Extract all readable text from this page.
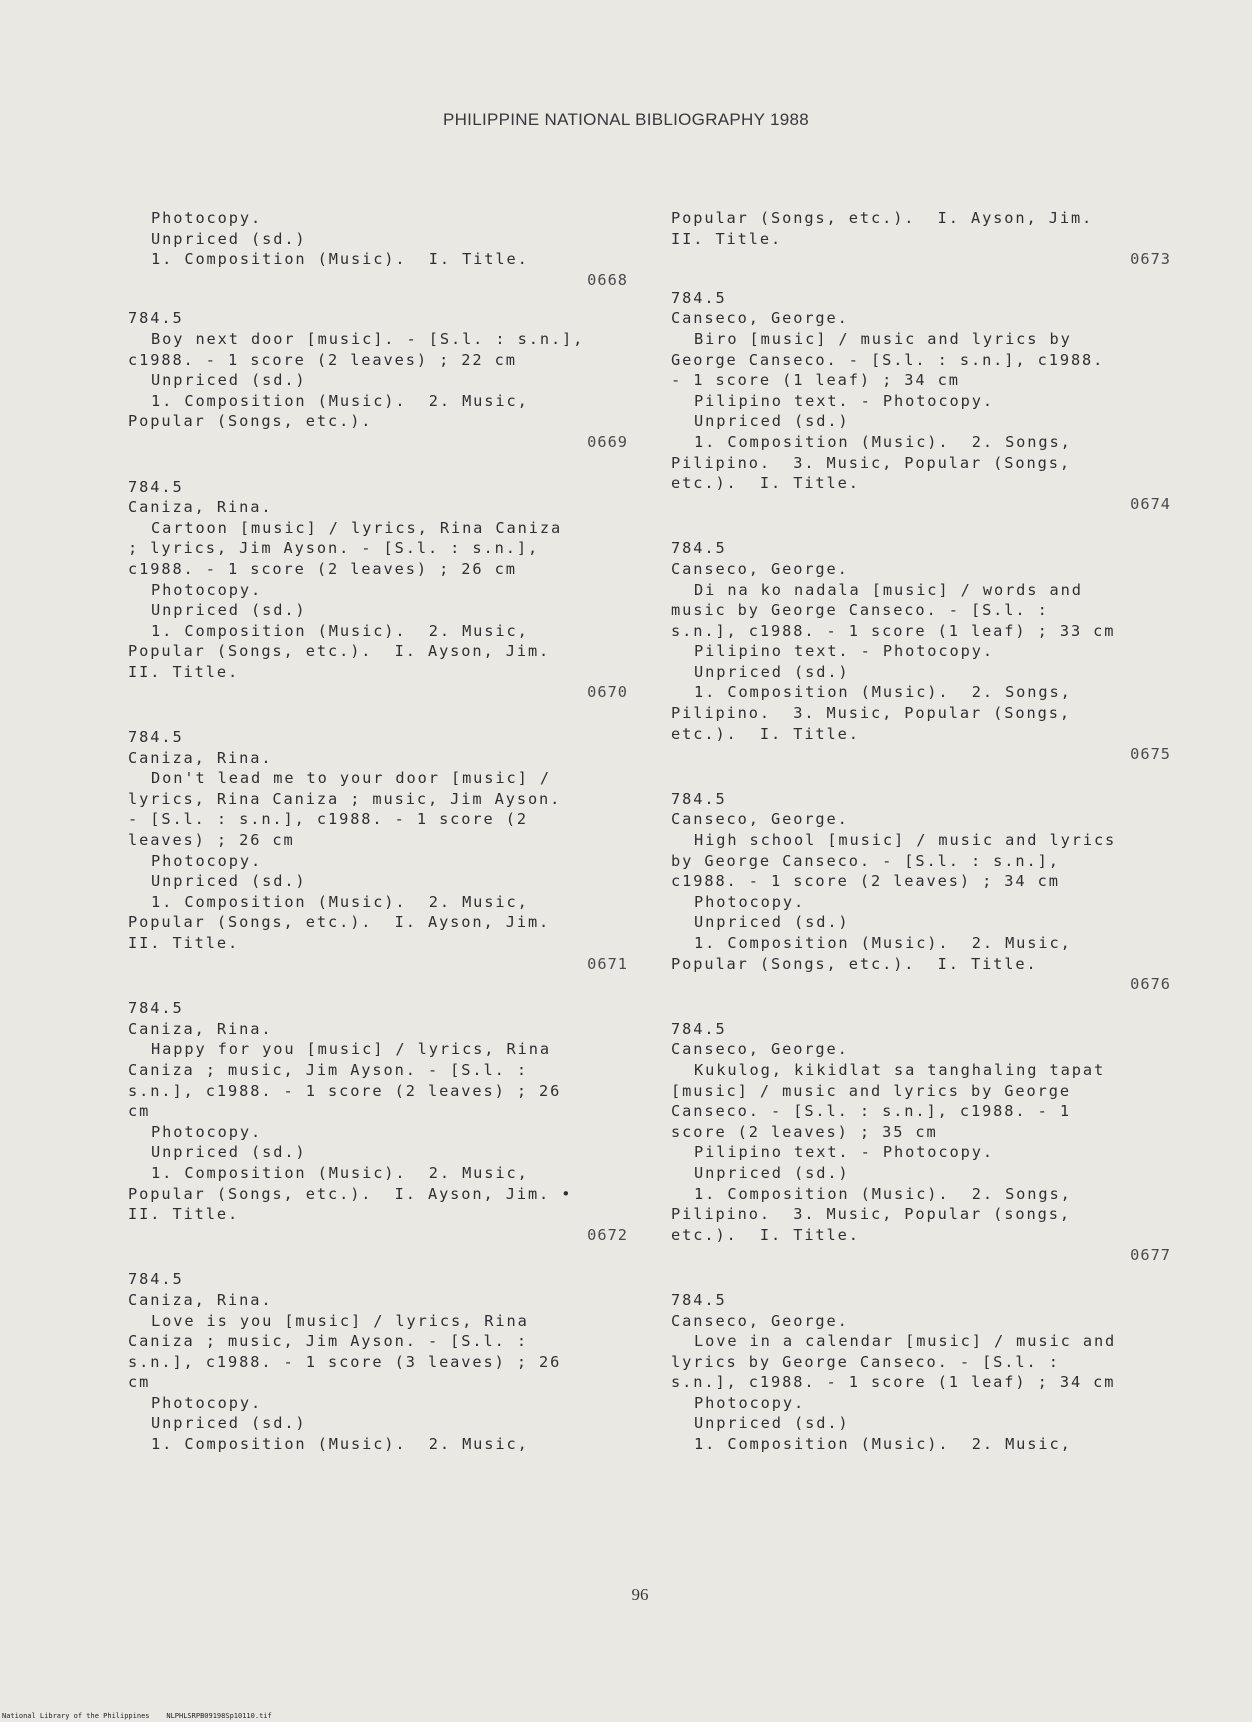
PHILIPPINE NATIONAL BIBLIOGRAPHY 1988
Photocopy.
Unpriced (sd.)
1. Composition (Music).  I. Title.
0668
784.5
Boy next door [music]. - [S.l. : s.n.],
c1988. - 1 score (2 leaves) ; 22 cm
Unpriced (sd.)
1. Composition (Music).  2. Music,
Popular (Songs, etc.).
0669
784.5
Caniza, Rina.
Cartoon [music] / lyrics, Rina Caniza
; lyrics, Jim Ayson. - [S.l. : s.n.],
c1988. - 1 score (2 leaves) ; 26 cm
Photocopy.
Unpriced (sd.)
1. Composition (Music).  2. Music,
Popular (Songs, etc.).  I. Ayson, Jim.
II. Title.
0670
784.5
Caniza, Rina.
Don't lead me to your door [music] /
lyrics, Rina Caniza ; music, Jim Ayson.
- [S.l. : s.n.], c1988. - 1 score (2
leaves) ; 26 cm
Photocopy.
Unpriced (sd.)
1. Composition (Music).  2. Music,
Popular (Songs, etc.).  I. Ayson, Jim.
II. Title.
0671
784.5
Caniza, Rina.
Happy for you [music] / lyrics, Rina
Caniza ; music, Jim Ayson. - [S.l. :
s.n.], c1988. - 1 score (2 leaves) ; 26
cm
Photocopy.
Unpriced (sd.)
1. Composition (Music).  2. Music,
Popular (Songs, etc.).  I. Ayson, Jim. •
II. Title.
0672
784.5
Caniza, Rina.
Love is you [music] / lyrics, Rina
Caniza ; music, Jim Ayson. - [S.l. :
s.n.], c1988. - 1 score (3 leaves) ; 26
cm
Photocopy.
Unpriced (sd.)
1. Composition (Music).  2. Music,
Popular (Songs, etc.).  I. Ayson, Jim.
II. Title.
0673
784.5
Canseco, George.
Biro [music] / music and lyrics by
George Canseco. - [S.l. : s.n.], c1988.
- 1 score (1 leaf) ; 34 cm
Pilipino text. - Photocopy.
Unpriced (sd.)
1. Composition (Music).  2. Songs,
Pilipino.  3. Music, Popular (Songs,
etc.).  I. Title.
0674
784.5
Canseco, George.
Di na ko nadala [music] / words and
music by George Canseco. - [S.l. :
s.n.], c1988. - 1 score (1 leaf) ; 33 cm
Pilipino text. - Photocopy.
Unpriced (sd.)
1. Composition (Music).  2. Songs,
Pilipino.  3. Music, Popular (Songs,
etc.).  I. Title.
0675
784.5
Canseco, George.
High school [music] / music and lyrics
by George Canseco. - [S.l. : s.n.],
c1988. - 1 score (2 leaves) ; 34 cm
Photocopy.
Unpriced (sd.)
1. Composition (Music).  2. Music,
Popular (Songs, etc.).  I. Title.
0676
784.5
Canseco, George.
Kukulog, kikidlat sa tanghaling tapat
[music] / music and lyrics by George
Canseco. - [S.l. : s.n.], c1988. - 1
score (2 leaves) ; 35 cm
Pilipino text. - Photocopy.
Unpriced (sd.)
1. Composition (Music).  2. Songs,
Pilipino.  3. Music, Popular (songs,
etc.).  I. Title.
0677
784.5
Canseco, George.
Love in a calendar [music] / music and
lyrics by George Canseco. - [S.l. :
s.n.], c1988. - 1 score (1 leaf) ; 34 cm
Photocopy.
Unpriced (sd.)
1. Composition (Music).  2. Music,
96
National Library of the Philippines    NLPHLSRPB09198Sp10110.tif
